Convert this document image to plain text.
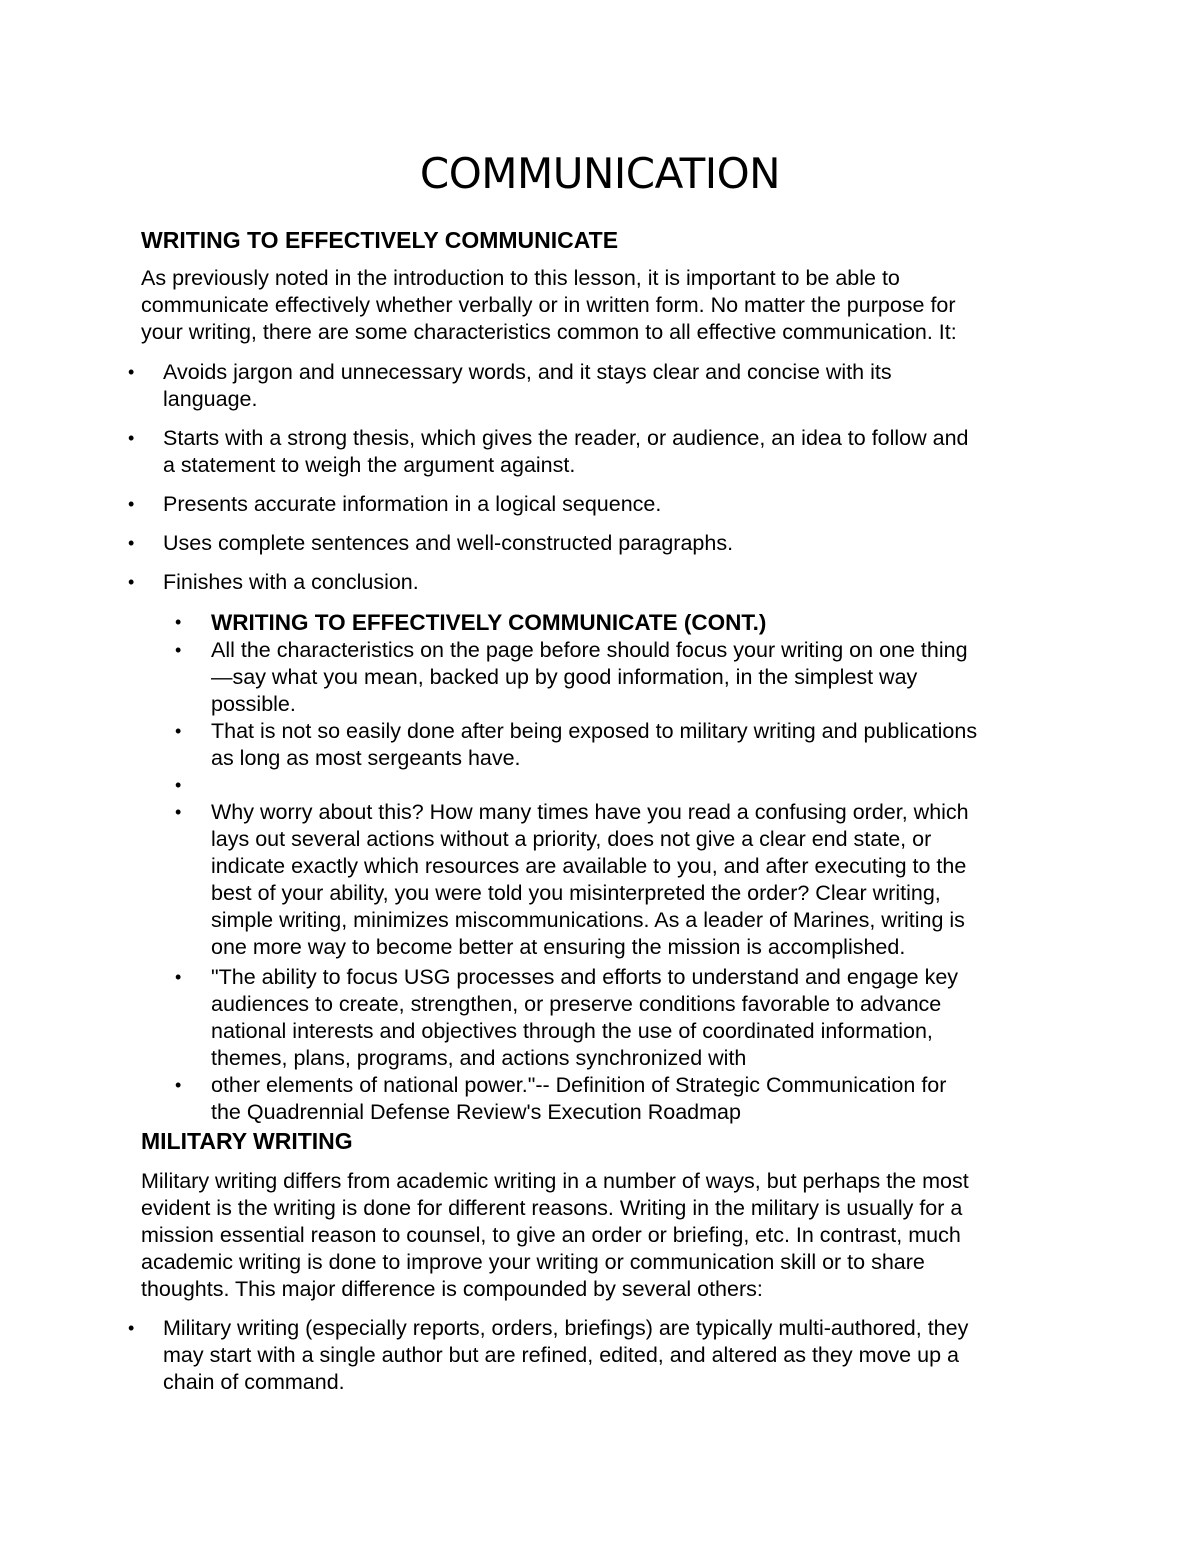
COMMUNICATION
WRITING TO EFFECTIVELY COMMUNICATE
As previously noted in the introduction to this lesson, it is important to be able to
communicate effectively whether verbally or in written form. No matter the purpose for
your writing, there are some characteristics common to all effective communication. It:
• Avoids jargon and unnecessary words, and it stays clear and concise with its
language.
• Starts with a strong thesis, which gives the reader, or audience, an idea to follow and
a statement to weigh the argument against.
• Presents accurate information in a logical sequence.
• Uses complete sentences and well-constructed paragraphs.
• Finishes with a conclusion.
• WRITING TO EFFECTIVELY COMMUNICATE (CONT.)
• All the characteristics on the page before should focus your writing on one thing
—say what you mean, backed up by good information, in the simplest way
possible.
• That is not so easily done after being exposed to military writing and publications
as long as most sergeants have.
•
• Why worry about this? How many times have you read a confusing order, which
lays out several actions without a priority, does not give a clear end state, or
indicate exactly which resources are available to you, and after executing to the
best of your ability, you were told you misinterpreted the order? Clear writing,
simple writing, minimizes miscommunications. As a leader of Marines, writing is
one more way to become better at ensuring the mission is accomplished.
• "The ability to focus USG processes and efforts to understand and engage key
audiences to create, strengthen, or preserve conditions favorable to advance
national interests and objectives through the use of coordinated information,
themes, plans, programs, and actions synchronized with
• other elements of national power."-- Definition of Strategic Communication for
the Quadrennial Defense Review's Execution Roadmap
MILITARY WRITING
Military writing differs from academic writing in a number of ways, but perhaps the most
evident is the writing is done for different reasons. Writing in the military is usually for a
mission essential reason to counsel, to give an order or briefing, etc. In contrast, much
academic writing is done to improve your writing or communication skill or to share
thoughts. This major difference is compounded by several others:
• Military writing (especially reports, orders, briefings) are typically multi-authored, they
may start with a single author but are refined, edited, and altered as they move up a
chain of command.
